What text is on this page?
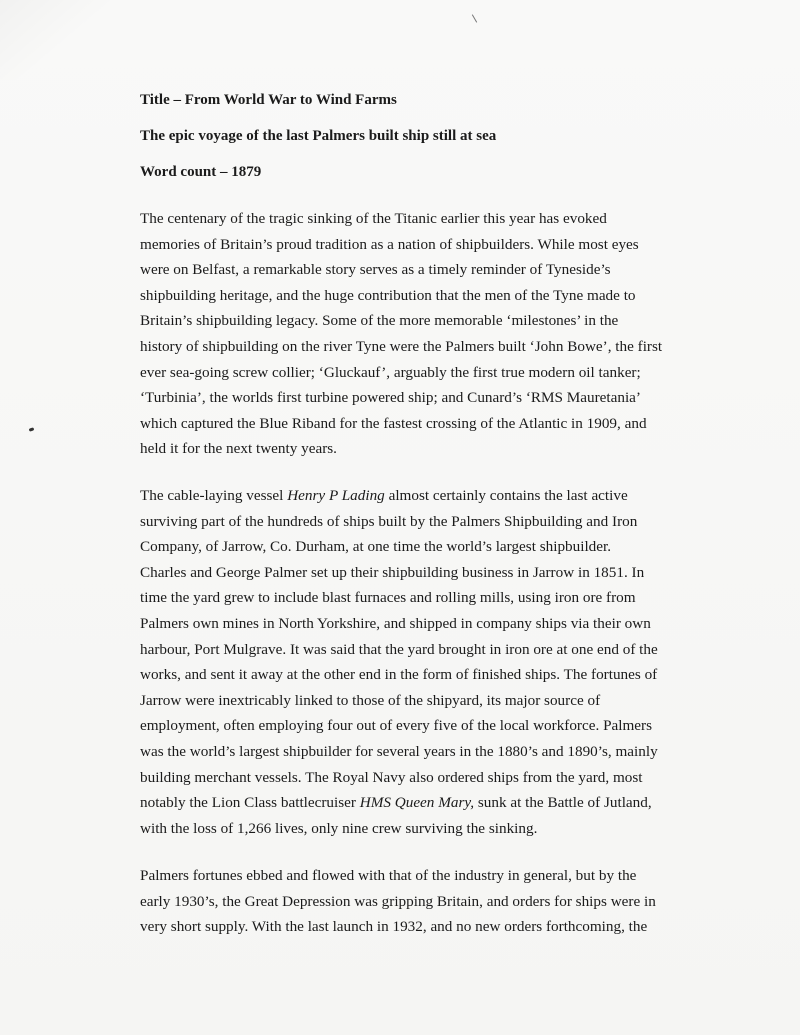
Title – From World War to Wind Farms

The epic voyage of the last Palmers built ship still at sea

Word count – 1879

The centenary of the tragic sinking of the Titanic earlier this year has evoked
memories of Britain’s proud tradition as a nation of shipbuilders. While most eyes
were on Belfast, a remarkable story serves as a timely reminder of Tyneside’s
shipbuilding heritage, and the huge contribution that the men of the Tyne made to
Britain’s shipbuilding legacy. Some of the more memorable ‘milestones’ in the
history of shipbuilding on the river Tyne were the Palmers built ‘John Bowe’, the first
ever sea-going screw collier; ‘Gluckauf’, arguably the first true modern oil tanker;
‘Turbinia’, the worlds first turbine powered ship; and Cunard’s ‘RMS Mauretania’
which captured the Blue Riband for the fastest crossing of the Atlantic in 1909, and
held it for the next twenty years.
The cable-laying vessel Henry P Lading almost certainly contains the last active
surviving part of the hundreds of ships built by the Palmers Shipbuilding and Iron
Company, of Jarrow, Co. Durham, at one time the world’s largest shipbuilder.
Charles and George Palmer set up their shipbuilding business in Jarrow in 1851. In
time the yard grew to include blast furnaces and rolling mills, using iron ore from
Palmers own mines in North Yorkshire, and shipped in company ships via their own
harbour, Port Mulgrave. It was said that the yard brought in iron ore at one end of the
works, and sent it away at the other end in the form of finished ships. The fortunes of
Jarrow were inextricably linked to those of the shipyard, its major source of
employment, often employing four out of every five of the local workforce. Palmers
was the world’s largest shipbuilder for several years in the 1880’s and 1890’s, mainly
building merchant vessels. The Royal Navy also ordered ships from the yard, most
notably the Lion Class battlecruiser HMS Queen Mary, sunk at the Battle of Jutland,
with the loss of 1,266 lives, only nine crew surviving the sinking.
Palmers fortunes ebbed and flowed with that of the industry in general, but by the
early 1930’s, the Great Depression was gripping Britain, and orders for ships were in
very short supply. With the last launch in 1932, and no new orders forthcoming, the
